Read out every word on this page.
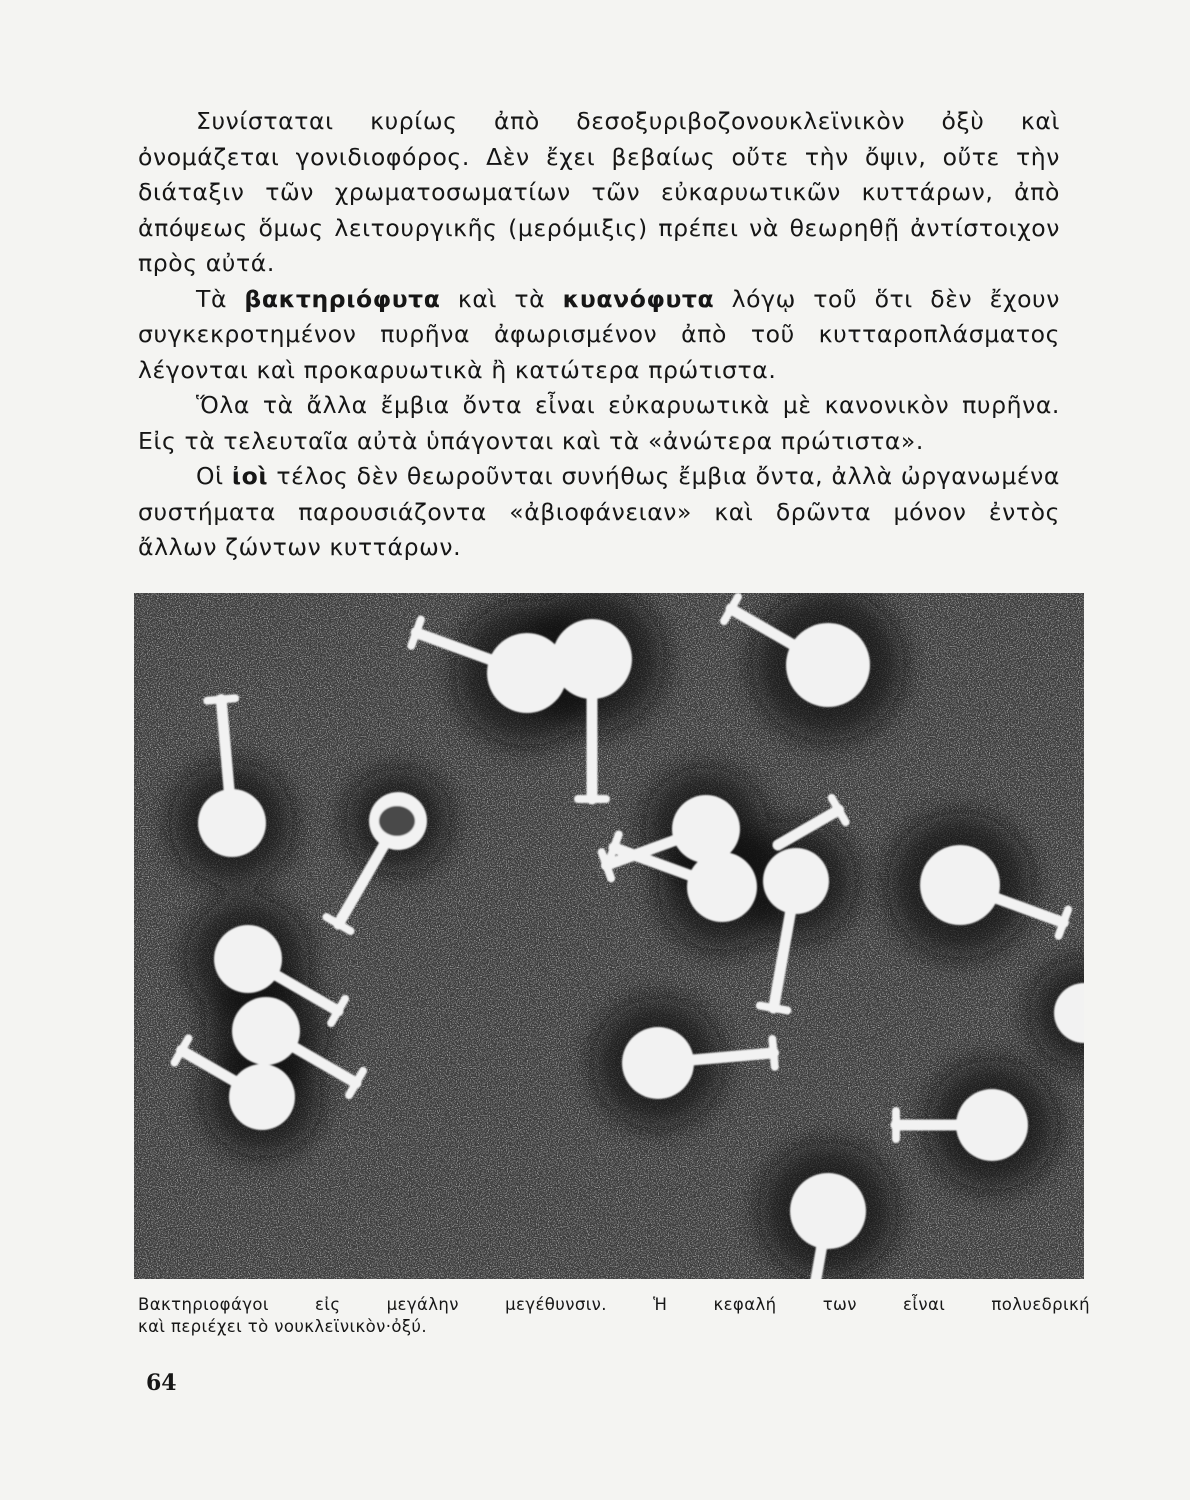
Συνίσταται κυρίως ἀπὸ δεσοξυριβοζονουκλεϊνικὸν ὀξὺ καὶ ὀνομάζεται γονιδιοφόρος. Δὲν ἔχει βεβαίως οὔτε τὴν ὄψιν, οὔτε τὴν διάταξιν τῶν χρωματοσωματίων τῶν εὐκαρυωτικῶν κυττάρων, ἀπὸ ἀπόψεως ὅμως λειτουργικῆς (μερόμιξις) πρέπει νὰ θεωρηθῇ ἀντίστοιχον πρὸς αὐτά.

Τὰ βακτηριόφυτα καὶ τὰ κυανόφυτα λόγῳ τοῦ ὅτι δὲν ἔχουν συγκεκροτημένον πυρῆνα ἀφωρισμένον ἀπὸ τοῦ κυτταροπλάσματος λέγονται καὶ προκαρυωτικὰ ἢ κατώτερα πρώτιστα.

Ὅλα τὰ ἄλλα ἔμβια ὄντα εἶναι εὐκαρυωτικὰ μὲ κανονικὸν πυρῆνα. Εἰς τὰ τελευταῖα αὐτὰ ὑπάγονται καὶ τὰ «ἀνώτερα πρώτιστα».

Οἱ ἰοὶ τέλος δὲν θεωροῦνται συνήθως ἔμβια ὄντα, ἀλλὰ ὠργανωμένα συστήματα παρουσιάζοντα «ἀβιοφάνειαν» καὶ δρῶντα μόνον ἐντὸς ἄλλων ζώντων κυττάρων.

Βακτηριοφάγοι εἰς μεγάλην μεγέθυνσιν. Ἡ κεφαλή των εἶναι πολυεδρική
καὶ περιέχει τὸ νουκλεϊνικὸν·ὀξύ.

64
